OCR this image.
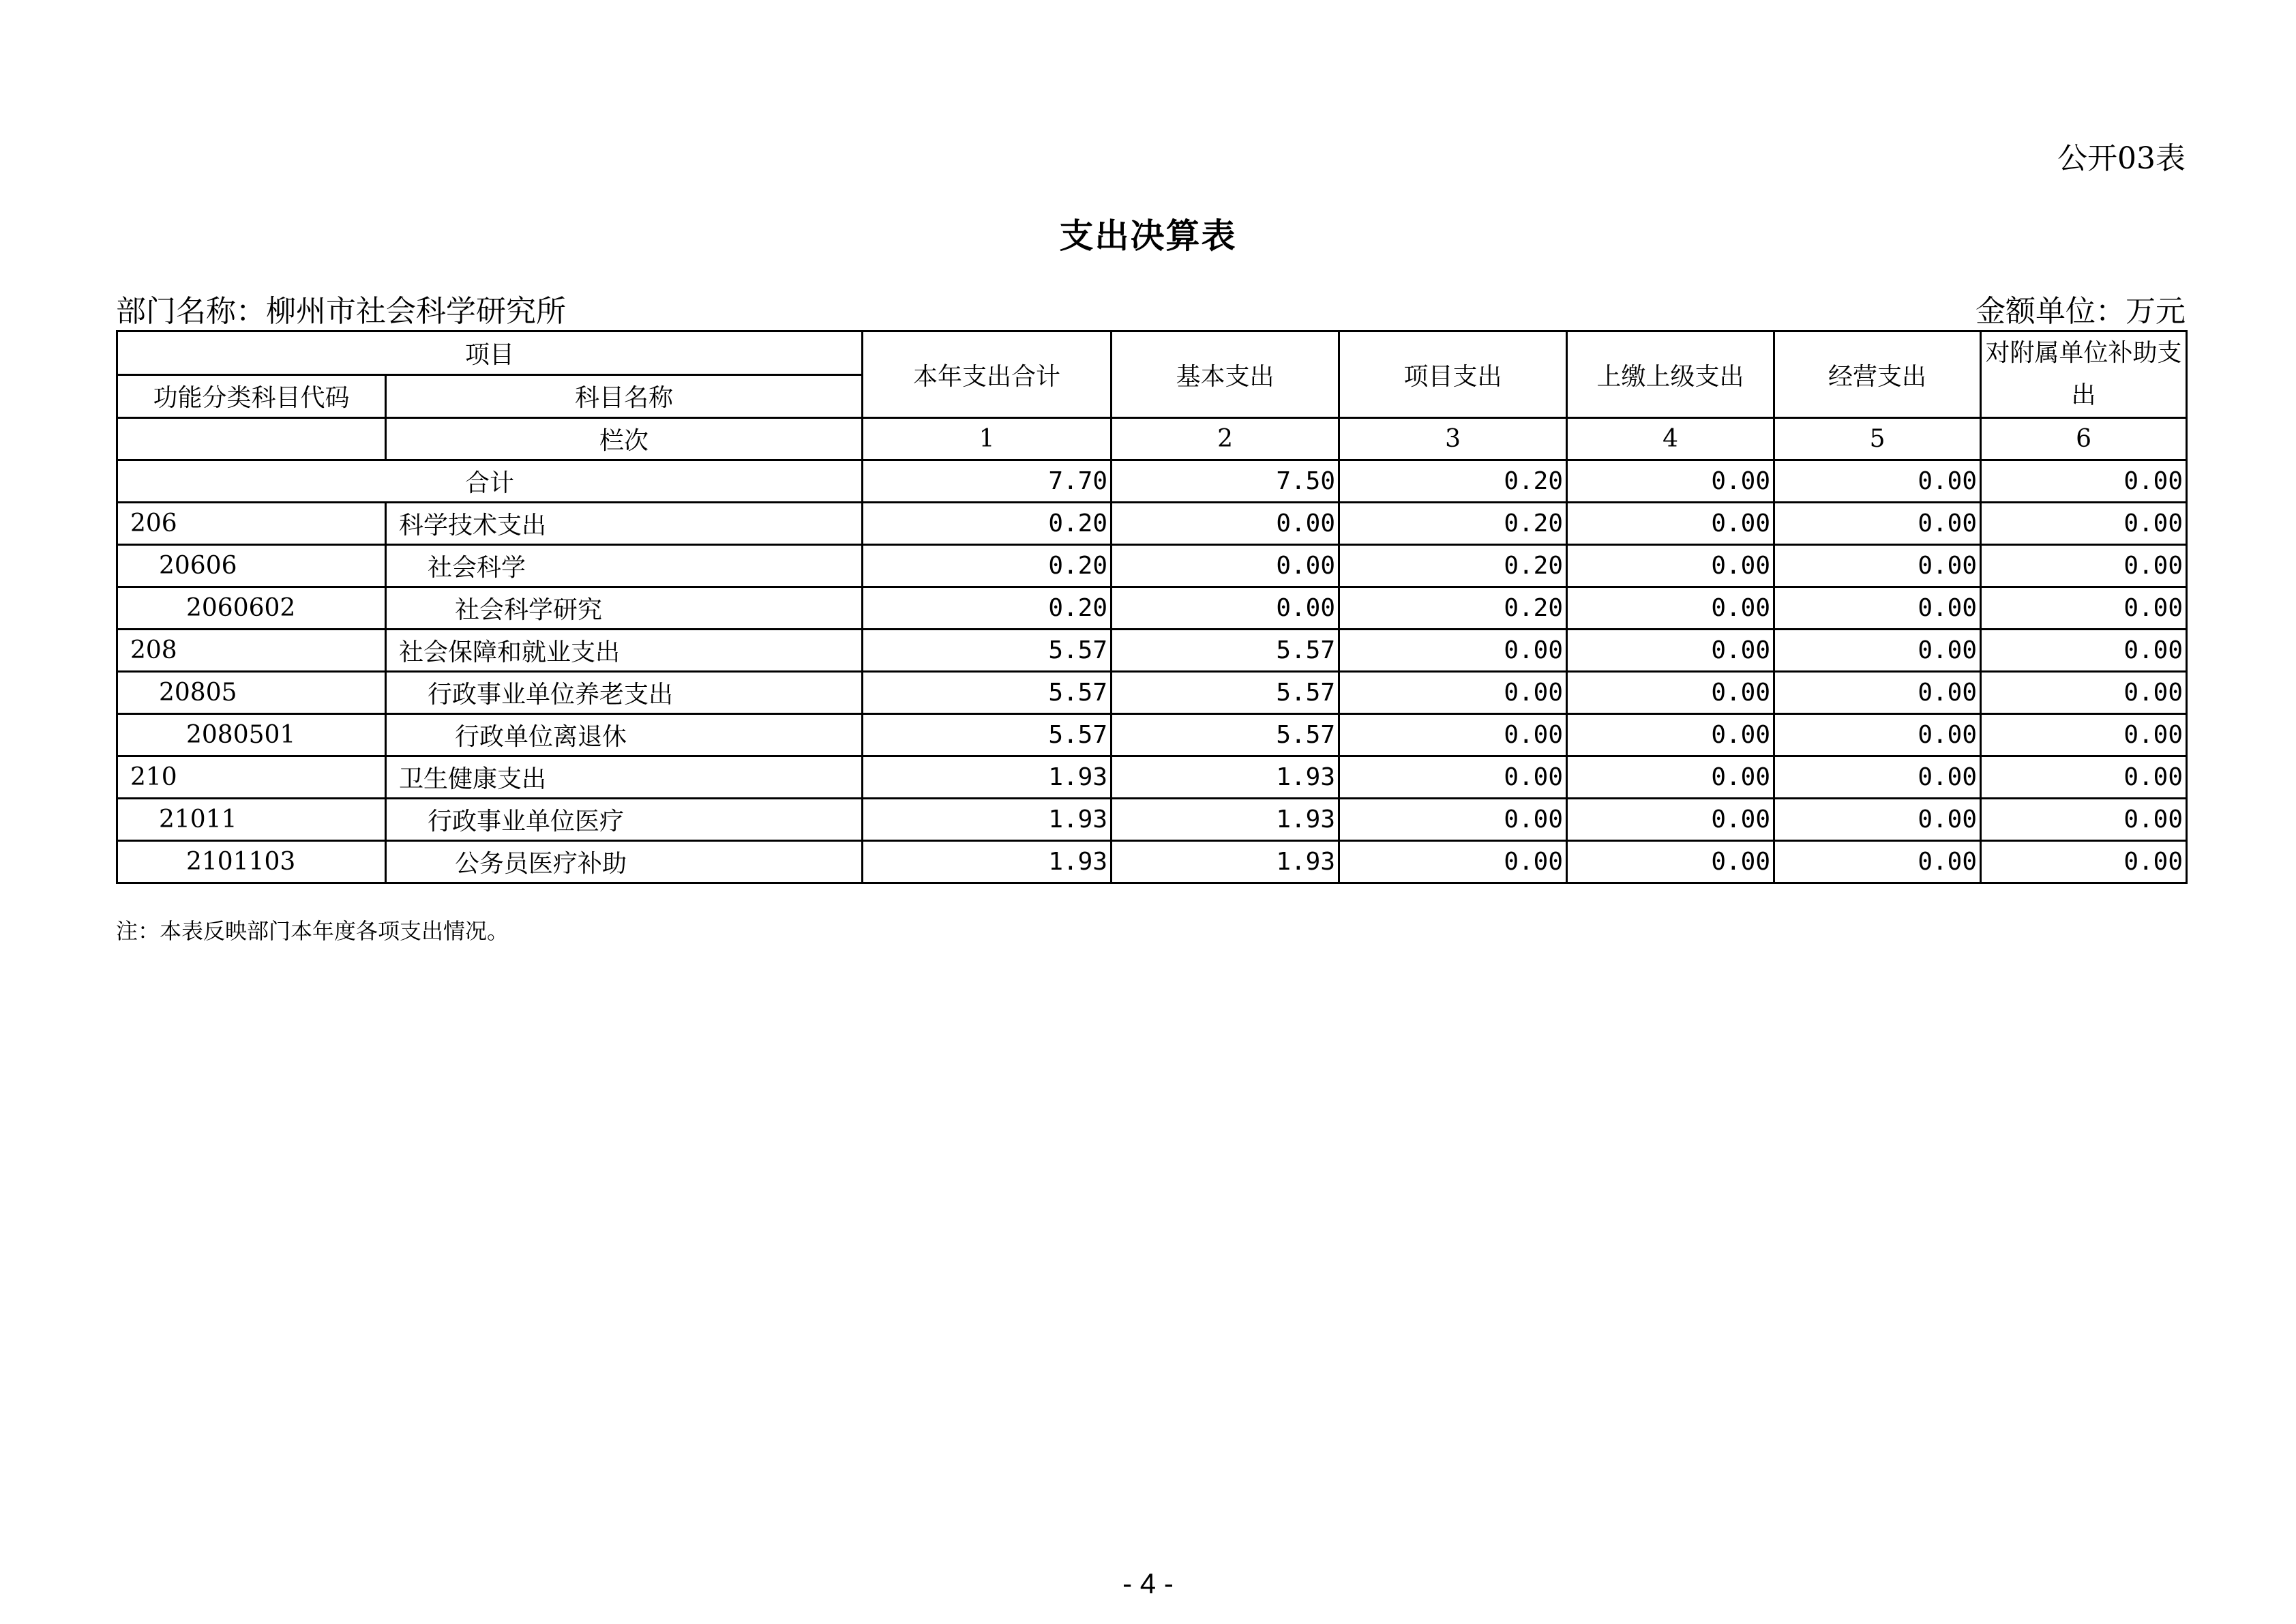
公开03表
支出决算表
部门名称：柳州市社会科学研究所	金额单位：万元
项目		本年支出合计	基本支出	项目支出	上缴上级支出	经营支出	对附属单位补助支出
功能分类科目代码	科目名称						
	栏次	1	2	3	4	5	6
合计		7.70	7.50	0.20	0.00	0.00	0.00
206	科学技术支出	0.20	0.00	0.20	0.00	0.00	0.00
20606	社会科学	0.20	0.00	0.20	0.00	0.00	0.00
2060602	社会科学研究	0.20	0.00	0.20	0.00	0.00	0.00
208	社会保障和就业支出	5.57	5.57	0.00	0.00	0.00	0.00
20805	行政事业单位养老支出	5.57	5.57	0.00	0.00	0.00	0.00
2080501	行政单位离退休	5.57	5.57	0.00	0.00	0.00	0.00
210	卫生健康支出	1.93	1.93	0.00	0.00	0.00	0.00
21011	行政事业单位医疗	1.93	1.93	0.00	0.00	0.00	0.00
2101103	公务员医疗补助	1.93	1.93	0.00	0.00	0.00	0.00
注：本表反映部门本年度各项支出情况。
- 4 -
